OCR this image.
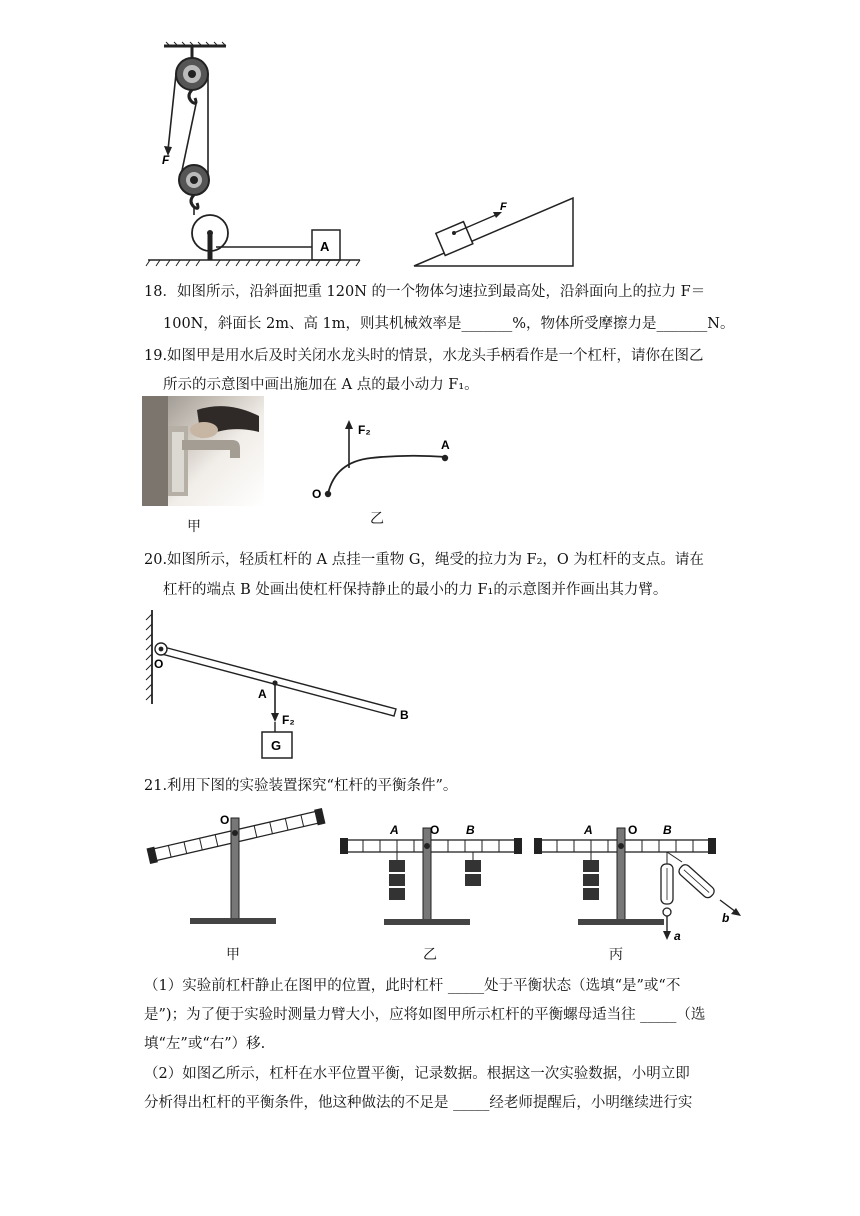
A
F
F
18．如图所示，沿斜面把重 120N 的一个物体匀速拉到最高处，沿斜面向上的拉力 F＝
100N，斜面长 2m、高 1m，则其机械效率是_______%，物体所受摩擦力是_______N。
19.如图甲是用水后及时关闭水龙头时的情景，水龙头手柄看作是一个杠杆，请你在图乙
所示的示意图中画出施加在 A 点的最小动力 F₁。
甲
F₂
A
O
乙
20.如图所示，轻质杠杆的 A 点挂一重物 G，绳受的拉力为 F₂，O 为杠杆的支点。请在
杠杆的端点 B 处画出使杠杆保持静止的最小的力 F₁的示意图并作画出其力臂。
O
A
F₂
G
B
21.利用下图的实验装置探究“杠杆的平衡条件”。
O
甲
O
A	B
乙
O
A	B
a
b
丙
（1）实验前杠杆静止在图甲的位置，此时杠杆 _____处于平衡状态（选填“是”或“不
是”)；为了便于实验时测量力臂大小，应将如图甲所示杠杆的平衡螺母适当往 _____（选
填“左”或“右”）移.
（2）如图乙所示，杠杆在水平位置平衡，记录数据。根据这一次实验数据，小明立即
分析得出杠杆的平衡条件，他这种做法的不足是 _____经老师提醒后，小明继续进行实
